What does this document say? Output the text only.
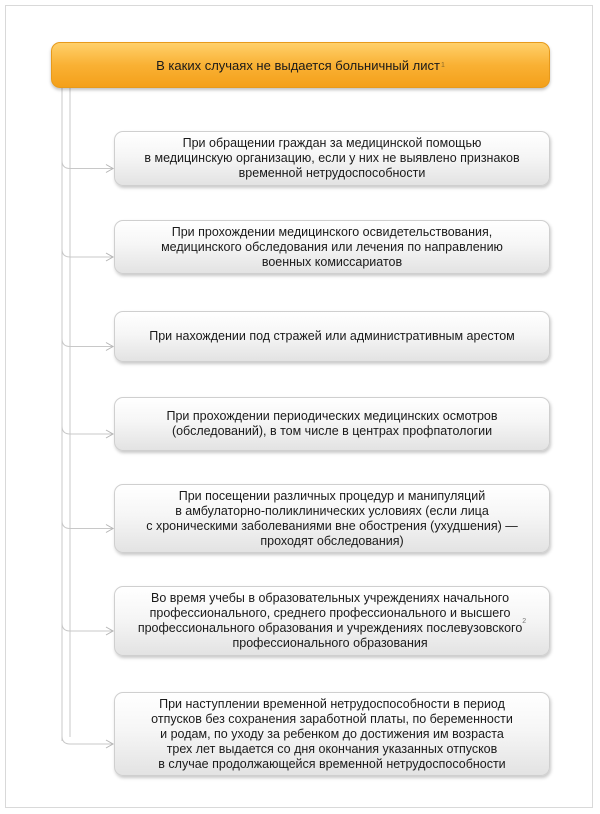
В каких случаях не выдается больничный лист 1
При обращении граждан за медицинской помощью
в медицинскую организацию, если у них не выявлено признаков
временной нетрудоспособности
При прохождении медицинского освидетельствования,
медицинского обследования или лечения по направлению
военных комиссариатов
При нахождении под стражей или административным арестом
При прохождении периодических медицинских осмотров
(обследований), в том числе в центрах профпатологии
При посещении различных процедур и манипуляций
в амбулаторно-поликлинических условиях (если лица
с хроническими заболеваниями вне обострения (ухудшения) —
проходят обследования)
Во время учебы в образовательных учреждениях начального
профессионального, среднего профессионального и высшего
профессионального образования и учреждениях послевузовского
профессионального образования
2
При наступлении временной нетрудоспособности в период
отпусков без сохранения заработной платы, по беременности
и родам, по уходу за ребенком до достижения им возраста
трех лет выдается со дня окончания указанных отпусков
в случае продолжающейся временной нетрудоспособности
